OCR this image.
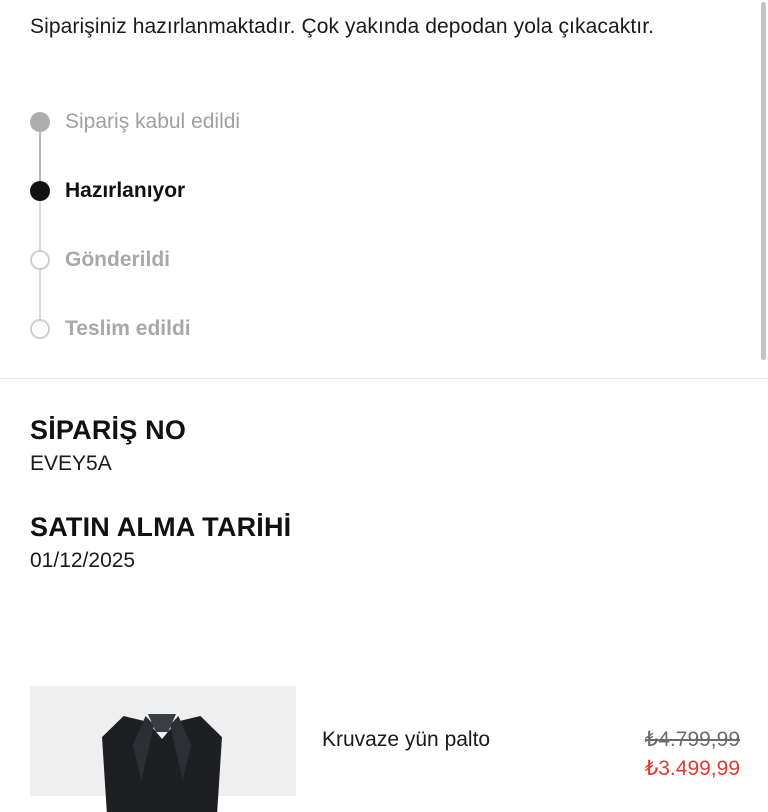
Siparişiniz hazırlanmaktadır. Çok yakında depodan yola çıkacaktır.
Sipariş kabul edildi
Hazırlanıyor
Gönderildi
Teslim edildi
SİPARİŞ NO

EVEY5A

SATIN ALMA TARİHİ

01/12/2025

Kruvaze yün palto	₺4.799,99
₺3.499,99
